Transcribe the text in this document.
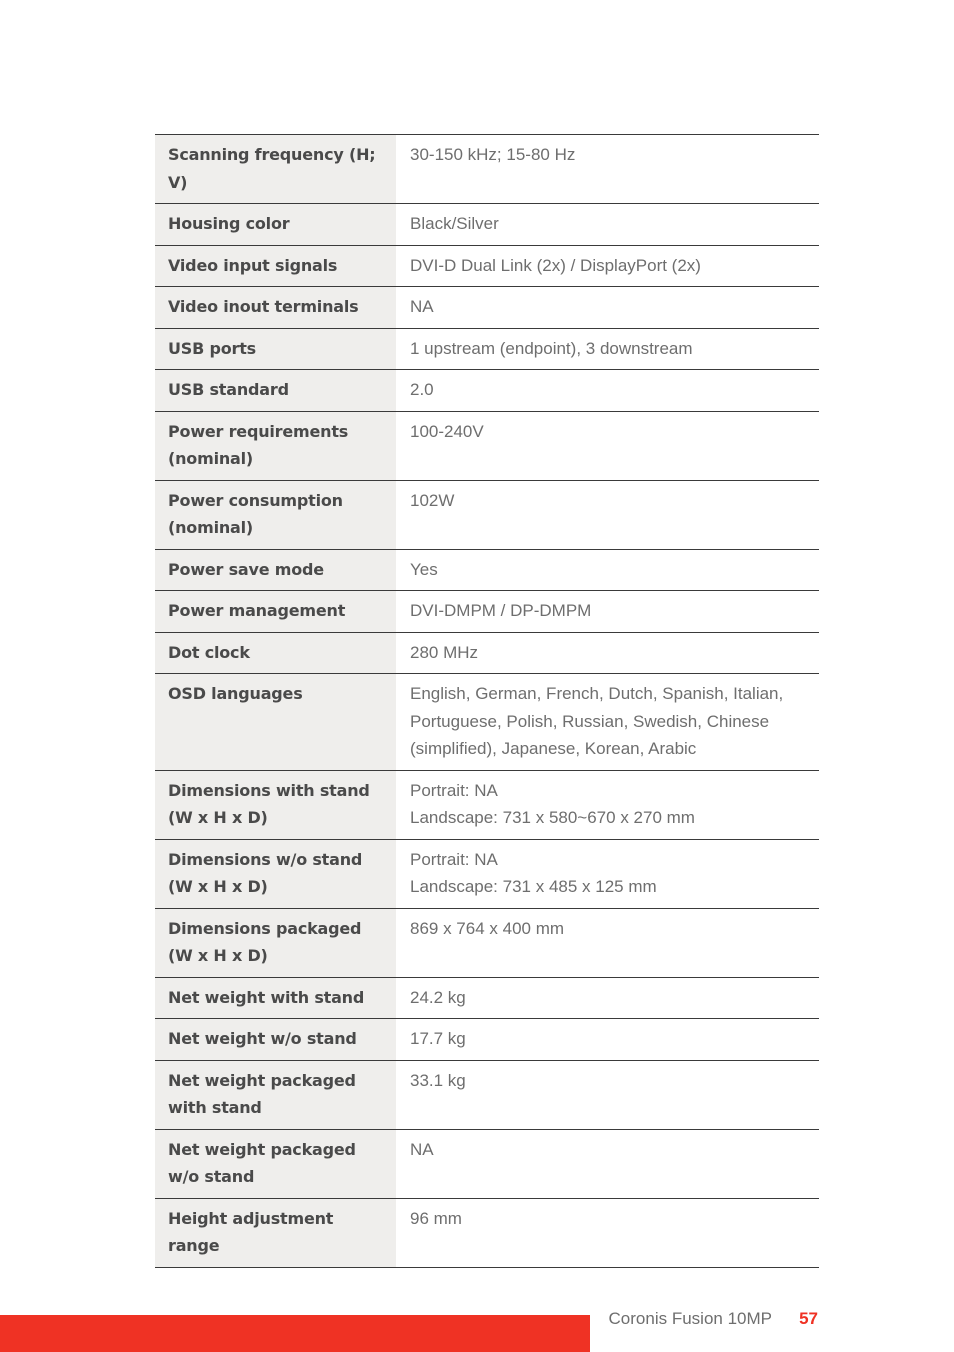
Scanning frequency (H; V)	30-150 kHz; 15-80 Hz

Housing color	Black/Silver

Video input signals	DVI-D Dual Link (2x) / DisplayPort (2x)

Video inout terminals	NA

USB ports	1 upstream (endpoint), 3 downstream

USB standard	2.0

Power requirements (nominal)	100-240V

Power consumption (nominal)	102W

Power save mode	Yes

Power management	DVI-DMPM / DP-DMPM

Dot clock	280 MHz

OSD languages	English, German, French, Dutch, Spanish, Italian, Portuguese, Polish, Russian, Swedish, Chinese (simplified), Japanese, Korean, Arabic

Dimensions with stand (W x H x D)	Portrait: NA
Landscape: 731 x 580~670 x 270 mm

Dimensions w/o stand (W x H x D)	Portrait: NA
Landscape: 731 x 485 x 125 mm

Dimensions packaged (W x H x D)	869 x 764 x 400 mm

Net weight with stand	24.2 kg

Net weight w/o stand	17.7 kg

Net weight packaged with stand	33.1 kg

Net weight packaged w/o stand	NA

Height adjustment range	96 mm
Coronis Fusion 10MP 57
